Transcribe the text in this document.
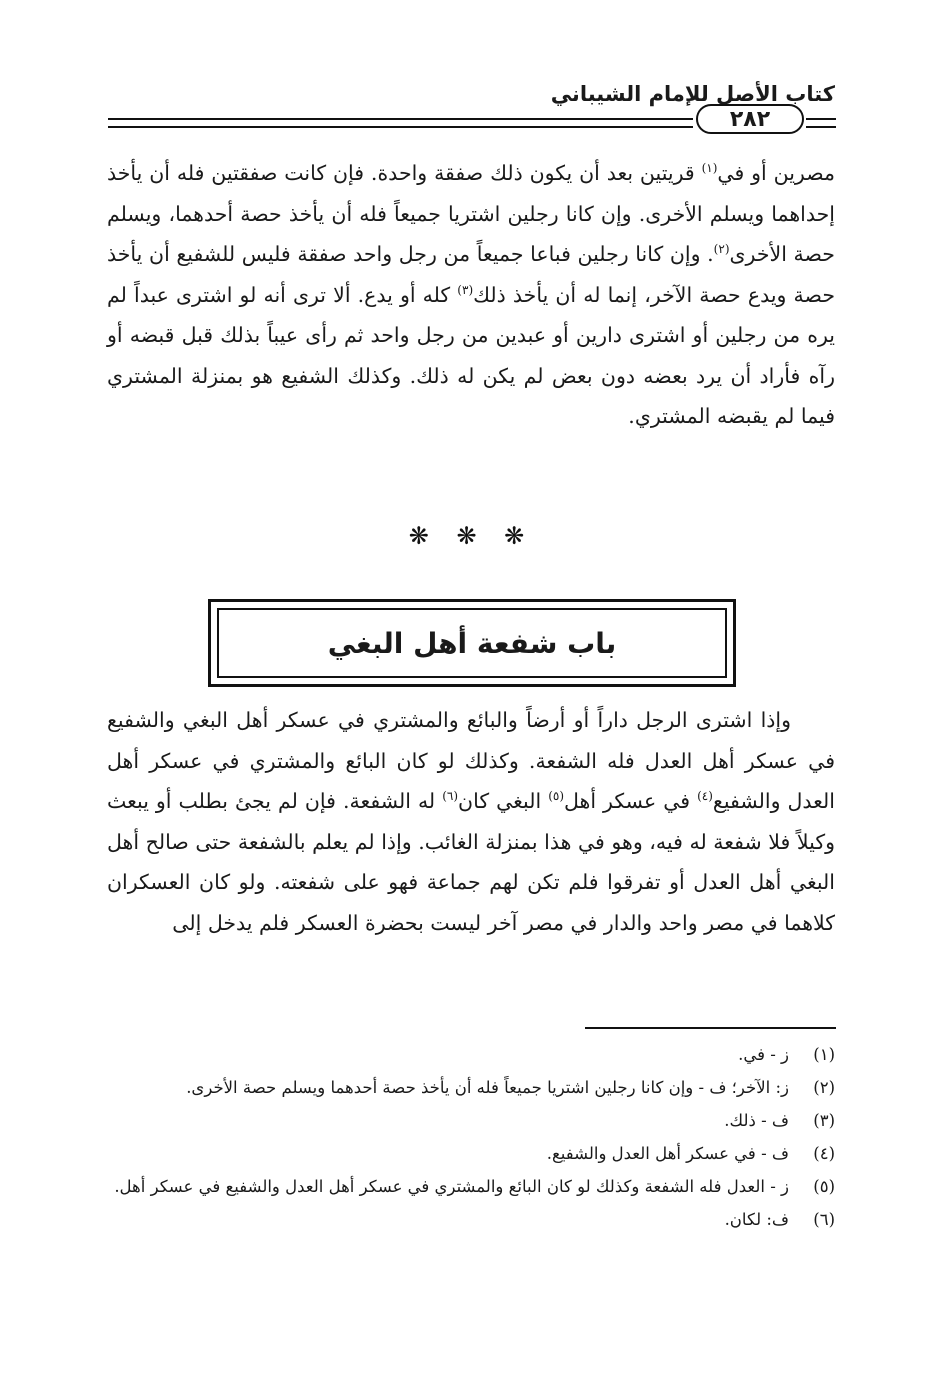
كتاب الأصل للإمام الشيباني
٢٨٢

مصرين أو في$^{(١)}$ قريتين بعد أن يكون ذلك صفقة واحدة. فإن كانت صفقتين فله أن يأخذ إحداهما ويسلم الأخرى. وإن كانا رجلين اشتريا جميعاً فله أن يأخذ حصة أحدهما، ويسلم حصة الأخرى$^{(٢)}$. وإن كانا رجلين فباعا جميعاً من رجل واحد صفقة فليس للشفيع أن يأخذ حصة ويدع حصة الآخر، إنما له أن يأخذ ذلك$^{(٣)}$ كله أو يدع. ألا ترى أنه لو اشترى عبداً لم يره من رجلين أو اشترى دارين أو عبدين من رجل واحد ثم رأى عيباً بذلك قبل قبضه أو رآه فأراد أن يرد بعضه دون بعض لم يكن له ذلك. وكذلك الشفيع هو بمنزلة المشتري فيما لم يقبضه المشتري.

❋ ❋ ❋
باب شفعة أهل البغي

وإذا اشترى الرجل داراً أو أرضاً والبائع والمشتري في عسكر أهل البغي والشفيع في عسكر أهل العدل فله الشفعة. وكذلك لو كان البائع والمشتري في عسكر أهل العدل والشفيع$^{(٤)}$ في عسكر أهل$^{(٥)}$ البغي كان$^{(٦)}$ له الشفعة. فإن لم يجئ بطلب أو يبعث وكيلاً فلا شفعة له فيه، وهو في هذا بمنزلة الغائب. وإذا لم يعلم بالشفعة حتى صالح أهل البغي أهل العدل أو تفرقوا فلم تكن لهم جماعة فهو على شفعته. ولو كان العسكران كلاهما في مصر واحد والدار في مصر آخر ليست بحضرة العسكر فلم يدخل إلى

(١)
ز - في.
(٢)
ز: الآخر؛ ف - وإن كانا رجلين اشتريا جميعاً فله أن يأخذ حصة أحدهما ويسلم حصة الأخرى.
(٣)
ف - ذلك.
(٤)
ف - في عسكر أهل العدل والشفيع.
(٥)
ز - العدل فله الشفعة وكذلك لو كان البائع والمشتري في عسكر أهل العدل والشفيع في عسكر أهل.
(٦)
ف: لكان.
